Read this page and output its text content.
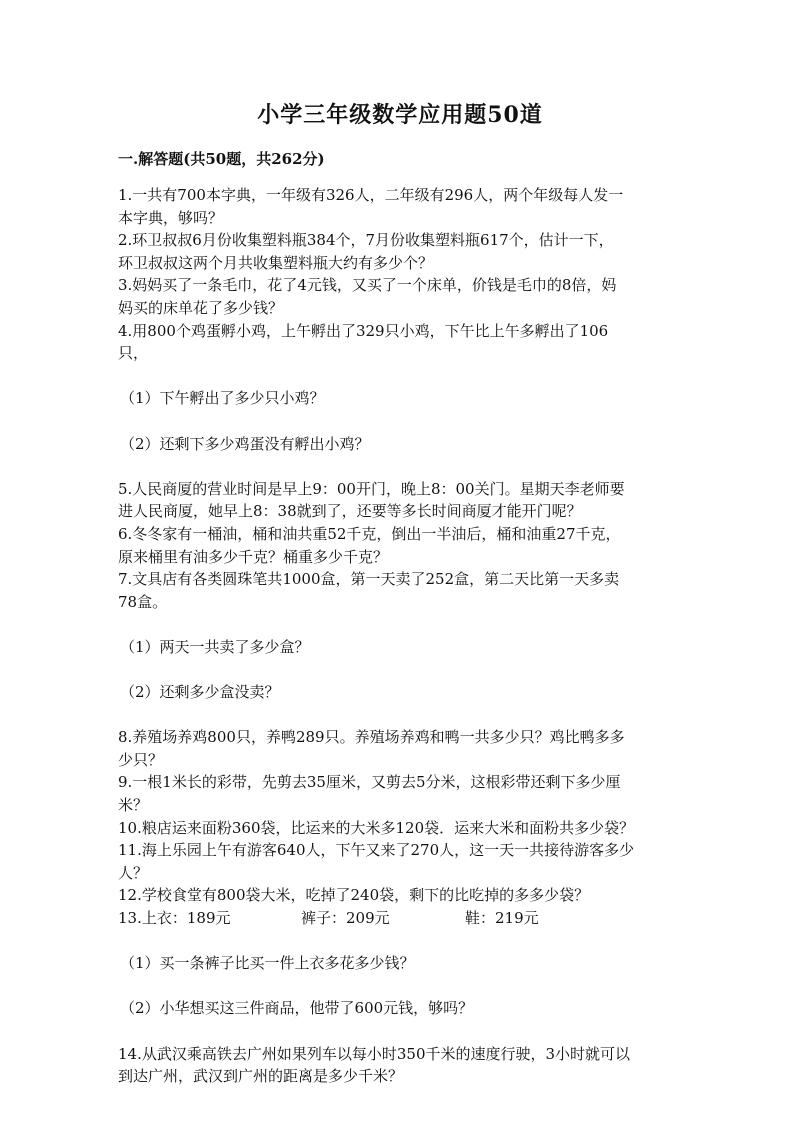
小学三年级数学应用题50道
一.解答题(共50题，共262分)
1.一共有700本字典，一年级有326人，二年级有296人，两个年级每人发一
本字典，够吗？
2.环卫叔叔6月份收集塑料瓶384个，7月份收集塑料瓶617个，估计一下，
环卫叔叔这两个月共收集塑料瓶大约有多少个？
3.妈妈买了一条毛巾，花了4元钱，又买了一个床单，价钱是毛巾的8倍，妈
妈买的床单花了多少钱？
4.用800个鸡蛋孵小鸡，上午孵出了329只小鸡，下午比上午多孵出了106
只，
（1）下午孵出了多少只小鸡？
（2）还剩下多少鸡蛋没有孵出小鸡？
5.人民商厦的营业时间是早上9：00开门，晚上8：00关门。星期天李老师要
进人民商厦，她早上8：38就到了，还要等多长时间商厦才能开门呢？
6.冬冬家有一桶油，桶和油共重52千克，倒出一半油后，桶和油重27千克，
原来桶里有油多少千克？桶重多少千克？
7.文具店有各类圆珠笔共1000盒，第一天卖了252盒，第二天比第一天多卖
78盒。
（1）两天一共卖了多少盒？
（2）还剩多少盒没卖？
8.养殖场养鸡800只，养鸭289只。养殖场养鸡和鸭一共多少只？鸡比鸭多多
少只？
9.一根1米长的彩带，先剪去35厘米，又剪去5分米，这根彩带还剩下多少厘
米？
10.粮店运来面粉360袋，比运来的大米多120袋．运来大米和面粉共多少袋？
11.海上乐园上午有游客640人，下午又来了270人，这一天一共接待游客多少
人？
12.学校食堂有800袋大米，吃掉了240袋，剩下的比吃掉的多多少袋？
13.上衣：189元	裤子：209元	鞋：219元
（1）买一条裤子比买一件上衣多花多少钱？
（2）小华想买这三件商品，他带了600元钱，够吗？
14.从武汉乘高铁去广州如果列车以每小时350千米的速度行驶，3小时就可以
到达广州，武汉到广州的距离是多少千米？
